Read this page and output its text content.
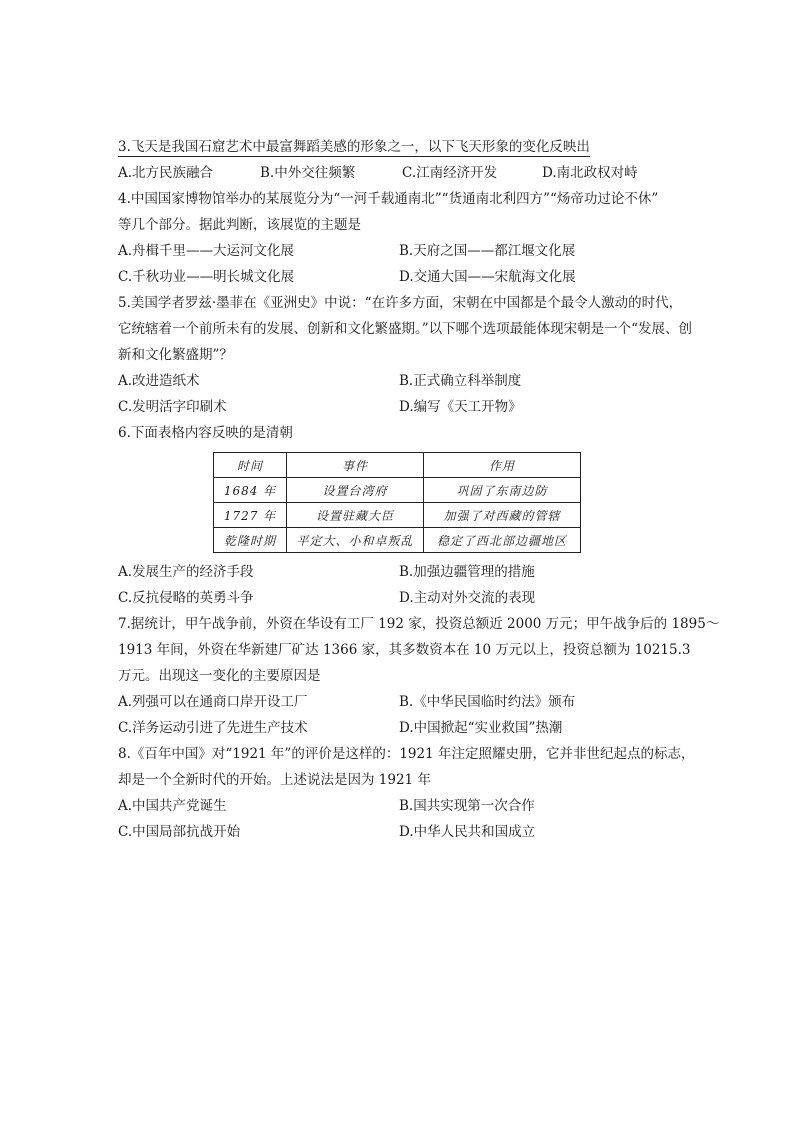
3.飞天是我国石窟艺术中最富舞蹈美感的形象之一，以下飞天形象的变化反映出
A.北方民族融合	B.中外交往频繁	C.江南经济开发	D.南北政权对峙
4.中国国家博物馆举办的某展览分为“一河千载通南北”“货通南北利四方”“炀帝功过论不休”
等几个部分。据此判断，该展览的主题是
A.舟楫千里——大运河文化展	B.天府之国——都江堰文化展
C.千秋功业——明长城文化展	D.交通大国——宋航海文化展
5.美国学者罗兹·墨菲在《亚洲史》中说：“在许多方面，宋朝在中国都是个最令人激动的时代，
它统辖着一个前所未有的发展、创新和文化繁盛期。”以下哪个选项最能体现宋朝是一个“发展、创
新和文化繁盛期”？
A.改进造纸术	B.正式确立科举制度
C.发明活字印刷术	D.编写《天工开物》
6.下面表格内容反映的是清朝
时间	事件	作用
1684 年	设置台湾府	巩固了东南边防
1727 年	设置驻藏大臣	加强了对西藏的管辖
乾隆时期	平定大、小和卓叛乱	稳定了西北部边疆地区
A.发展生产的经济手段	B.加强边疆管理的措施
C.反抗侵略的英勇斗争	D.主动对外交流的表现
7.据统计，甲午战争前，外资在华设有工厂 192 家，投资总额近 2000 万元；甲午战争后的 1895～
1913 年间，外资在华新建厂矿达 1366 家，其多数资本在 10 万元以上，投资总额为 10215.3
万元。出现这一变化的主要原因是
A.列强可以在通商口岸开设工厂	B.《中华民国临时约法》颁布
C.洋务运动引进了先进生产技术	D.中国掀起“实业救国”热潮
8.《百年中国》对“1921 年”的评价是这样的：1921 年注定照耀史册，它并非世纪起点的标志，
却是一个全新时代的开始。上述说法是因为 1921 年
A.中国共产党诞生	B.国共实现第一次合作
C.中国局部抗战开始	D.中华人民共和国成立
